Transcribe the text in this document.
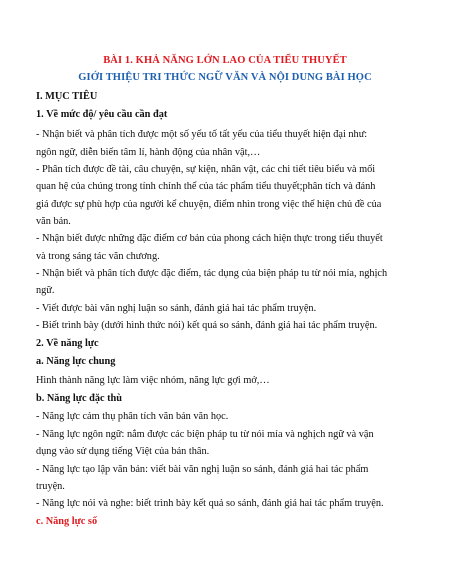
BÀI 1. KHẢ NĂNG LỚN LAO CỦA TIỂU THUYẾT
GIỚI THIỆU TRI THỨC NGỮ VĂN VÀ NỘI DUNG BÀI HỌC
I. MỤC TIÊU
1. Về mức độ/ yêu cầu cần đạt
- Nhận biết và phân tích được một số yếu tố tất yếu của tiểu thuyết hiện đại như:
ngôn ngữ, diễn biến tâm lí, hành động của nhân vật,…
- Phân tích được đề tài, câu chuyện, sự kiện, nhân vật, các chi tiết tiêu biểu và mối
quan hệ của chúng trong tính chỉnh thể của tác phẩm tiểu thuyết;phân tích và đánh
giá được sự phù hợp của người kể chuyện, điểm nhìn trong việc thể hiện chủ đề của
văn bản.
- Nhận biết được những đặc điểm cơ bản của phong cách hiện thực trong tiểu thuyết
và trong sáng tác văn chương.
- Nhận biết và phân tích được đặc điểm, tác dụng của biện pháp tu từ nói mỉa, nghịch
ngữ.
- Viết được bài văn nghị luận so sánh, đánh giá hai tác phẩm truyện.
- Biết trình bày (dưới hình thức nói) kết quả so sánh, đánh giá hai tác phẩm truyện.
2. Về năng lực
a. Năng lực chung
Hình thành năng lực làm việc nhóm, năng lực gợi mở,…
b. Năng lực đặc thù
- Năng lực cảm thụ phân tích văn bản văn học.
- Năng lực ngôn ngữ: nắm được các biện pháp tu từ nói mỉa và nghịch ngữ và vận
dụng vào sử dụng tiếng Việt của bản thân.
- Năng lực tạo lập văn bản: viết bài văn nghị luận so sánh, đánh giá hai tác phẩm
truyện.
- Năng lực nói và nghe: biết trình bày kết quả so sánh, đánh giá hai tác phẩm truyện.
c. Năng lực số
